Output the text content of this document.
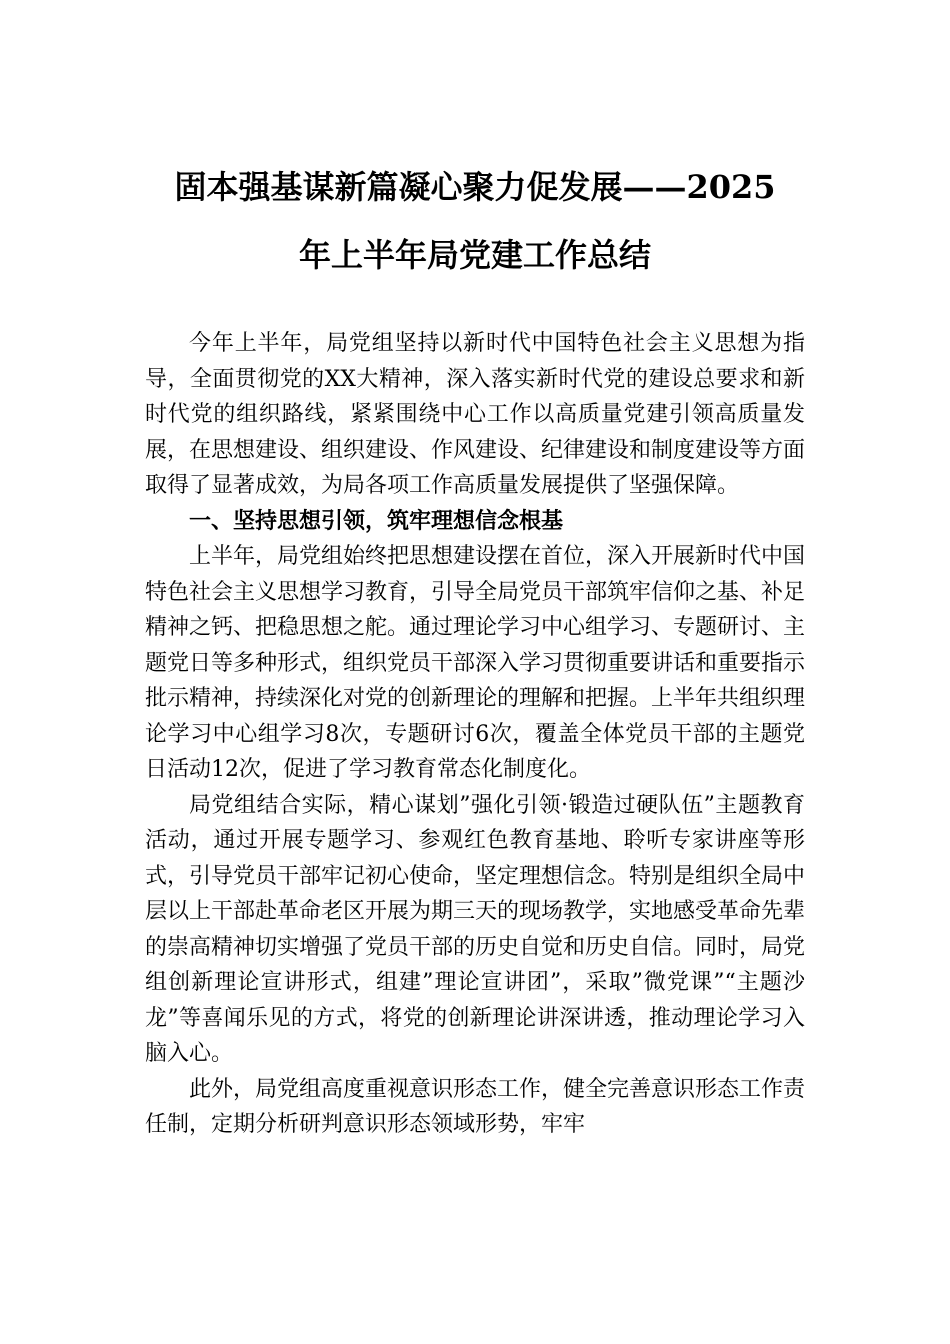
固本强基谋新篇凝心聚力促发展——2025
年上半年局党建工作总结

今年上半年，局党组坚持以新时代中国特色社会主义思想为指导，全面贯彻党的XX大精神，深入落实新时代党的建设总要求和新时代党的组织路线，紧紧围绕中心工作以高质量党建引领高质量发展，在思想建设、组织建设、作风建设、纪律建设和制度建设等方面取得了显著成效，为局各项工作高质量发展提供了坚强保障。

一、坚持思想引领，筑牢理想信念根基

上半年，局党组始终把思想建设摆在首位，深入开展新时代中国特色社会主义思想学习教育，引导全局党员干部筑牢信仰之基、补足精神之钙、把稳思想之舵。通过理论学习中心组学习、专题研讨、主题党日等多种形式，组织党员干部深入学习贯彻重要讲话和重要指示批示精神，持续深化对党的创新理论的理解和把握。上半年共组织理论学习中心组学习8次，专题研讨6次，覆盖全体党员干部的主题党日活动12次，促进了学习教育常态化制度化。

局党组结合实际，精心谋划”强化引领·锻造过硬队伍”主题教育活动，通过开展专题学习、参观红色教育基地、聆听专家讲座等形式，引导党员干部牢记初心使命，坚定理想信念。特别是组织全局中层以上干部赴革命老区开展为期三天的现场教学，实地感受革命先辈的崇高精神切实增强了党员干部的历史自觉和历史自信。同时，局党组创新理论宣讲形式，组建”理论宣讲团”，采取”微党课”“主题沙龙”等喜闻乐见的方式，将党的创新理论讲深讲透，推动理论学习入脑入心。

此外，局党组高度重视意识形态工作，健全完善意识形态工作责任制，定期分析研判意识形态领域形势，牢牢
